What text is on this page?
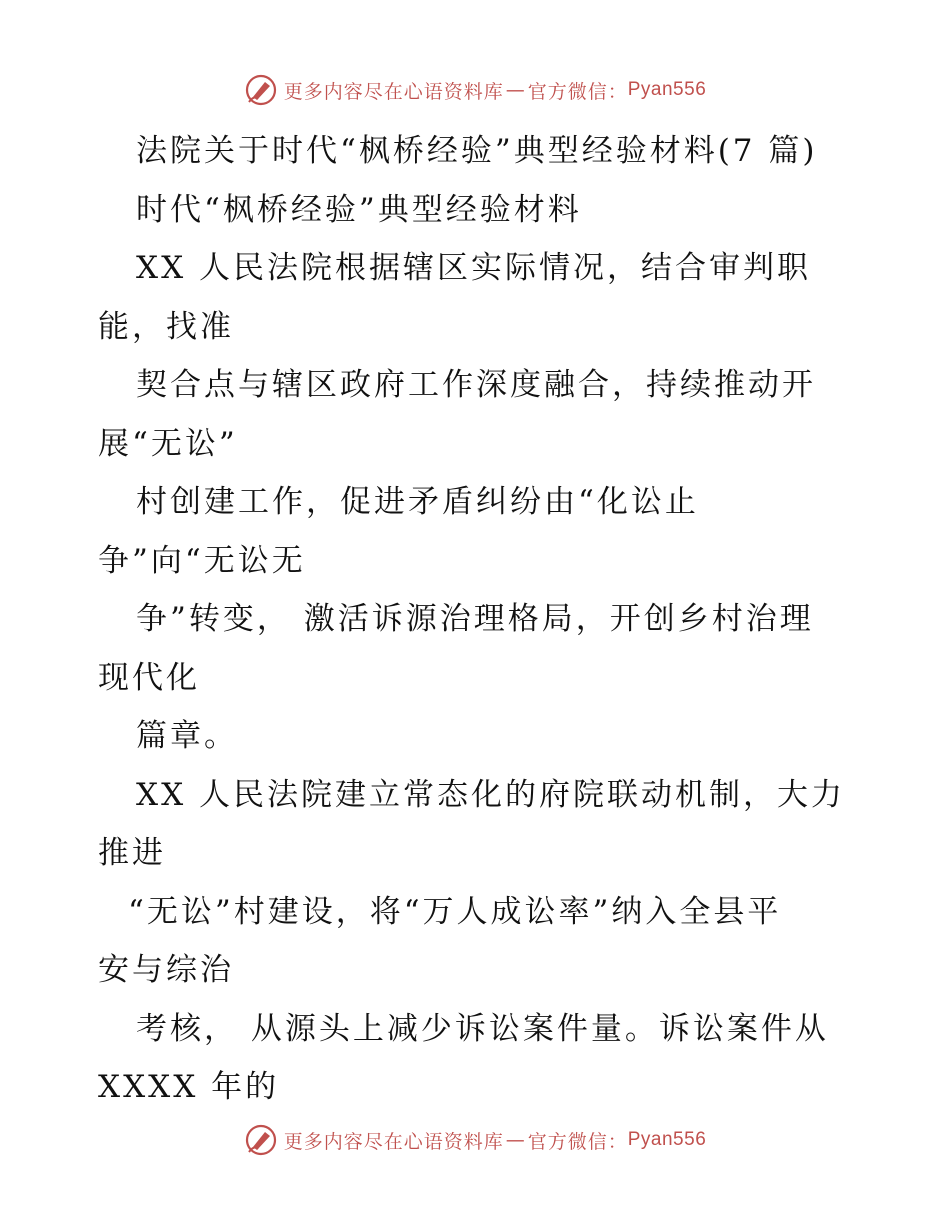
更多内容尽在心语资料库 — 官方微信： Pyan556
法院关于时代“枫桥经验”典型经验材料(7 篇)
时代“枫桥经验”典型经验材料
XX 人民法院根据辖区实际情况，结合审判职
能，找准
契合点与辖区政府工作深度融合，持续推动开
展“无讼”
村创建工作，促进矛盾纠纷由“化讼止
争”向“无讼无
争”转变， 激活诉源治理格局，开创乡村治理
现代化
篇章。
XX 人民法院建立常态化的府院联动机制，大力
推进
“无讼”村建设，将“万人成讼率”纳入全县平
安与综治
考核， 从源头上减少诉讼案件量。诉讼案件从
XXXX 年的
更多内容尽在心语资料库 — 官方微信： Pyan556
